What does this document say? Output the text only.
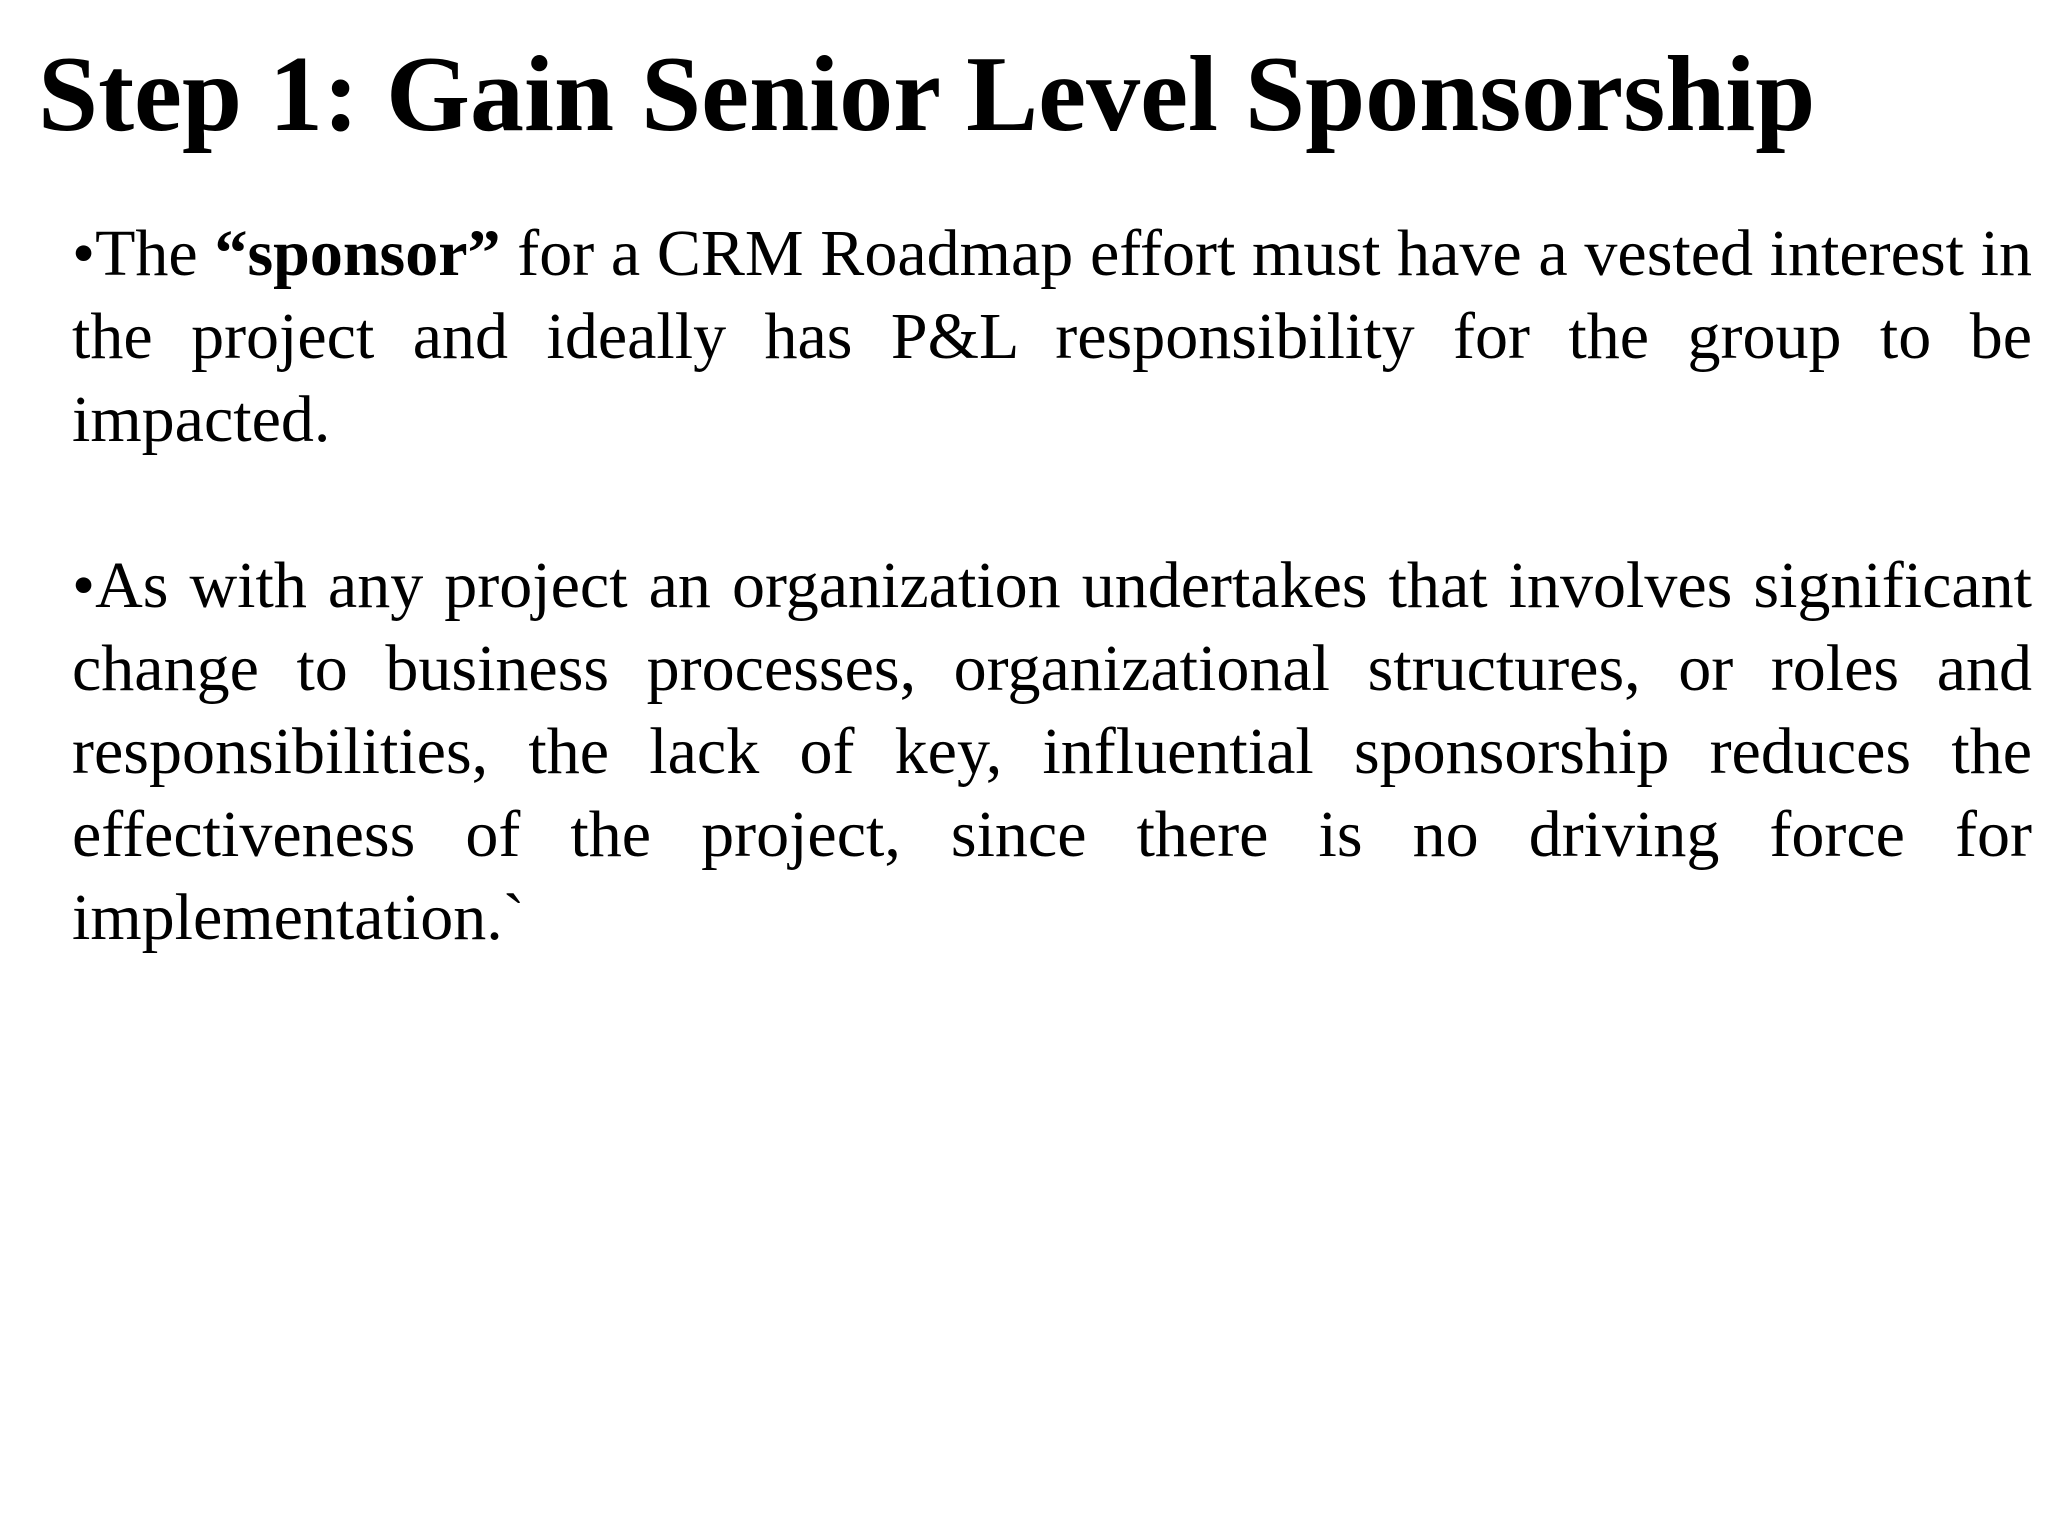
Step 1: Gain Senior Level Sponsorship

•The “sponsor” for a CRM Roadmap effort must have a vested interest in the project and ideally has P&L responsibility for the group to be impacted.

•As with any project an organization undertakes that involves significant change to business processes, organizational structures, or roles and responsibilities, the lack of key, influential sponsorship reduces the effectiveness of the project, since there is no driving force for implementation.`
